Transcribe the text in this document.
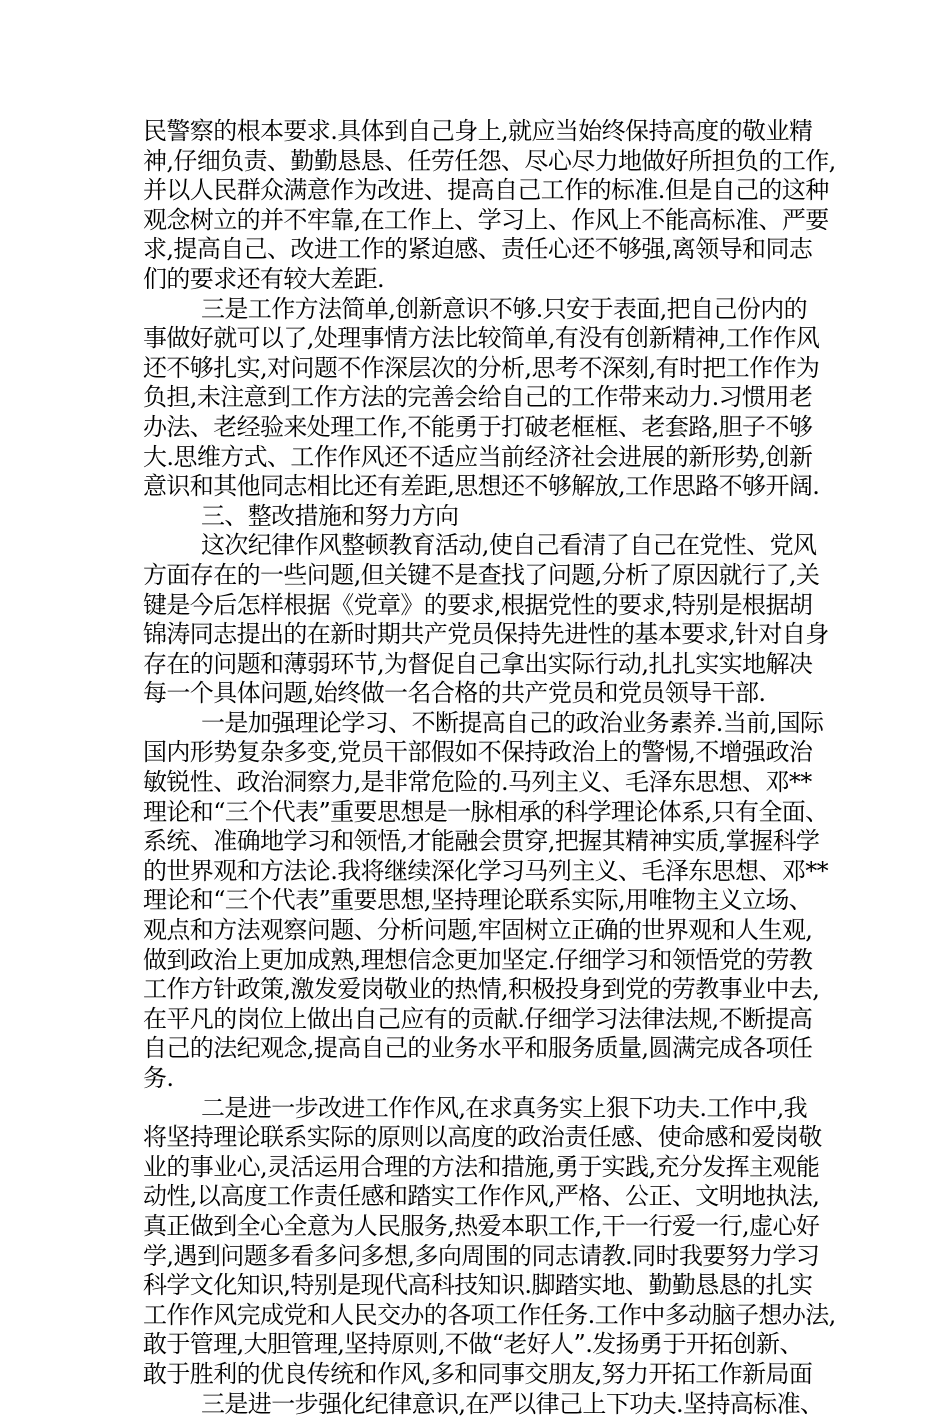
民警察的根本要求.具体到自己身上,就应当始终保持高度的敬业精
神,仔细负责、勤勤恳恳、任劳任怨、尽心尽力地做好所担负的工作,
并以人民群众满意作为改进、提高自己工作的标准.但是自己的这种
观念树立的并不牢靠,在工作上、学习上、作风上不能高标准、严要
求,提高自己、改进工作的紧迫感、责任心还不够强,离领导和同志
们的要求还有较大差距.
三是工作方法简单,创新意识不够.只安于表面,把自己份内的
事做好就可以了,处理事情方法比较简单,有没有创新精神,工作作风
还不够扎实,对问题不作深层次的分析,思考不深刻,有时把工作作为
负担,未注意到工作方法的完善会给自己的工作带来动力.习惯用老
办法、老经验来处理工作,不能勇于打破老框框、老套路,胆子不够
大.思维方式、工作作风还不适应当前经济社会进展的新形势,创新
意识和其他同志相比还有差距,思想还不够解放,工作思路不够开阔.
三、整改措施和努力方向
这次纪律作风整顿教育活动,使自己看清了自己在党性、党风
方面存在的一些问题,但关键不是查找了问题,分析了原因就行了,关
键是今后怎样根据《党章》的要求,根据党性的要求,特别是根据胡
锦涛同志提出的在新时期共产党员保持先进性的基本要求,针对自身
存在的问题和薄弱环节,为督促自己拿出实际行动,扎扎实实地解决
每一个具体问题,始终做一名合格的共产党员和党员领导干部.
一是加强理论学习、不断提高自己的政治业务素养.当前,国际
国内形势复杂多变,党员干部假如不保持政治上的警惕,不增强政治
敏锐性、政治洞察力,是非常危险的.马列主义、毛泽东思想、邓**
理论和“三个代表”重要思想是一脉相承的科学理论体系,只有全面、
系统、准确地学习和领悟,才能融会贯穿,把握其精神实质,掌握科学
的世界观和方法论.我将继续深化学习马列主义、毛泽东思想、邓**
理论和“三个代表”重要思想,坚持理论联系实际,用唯物主义立场、
观点和方法观察问题、分析问题,牢固树立正确的世界观和人生观,
做到政治上更加成熟,理想信念更加坚定.仔细学习和领悟党的劳教
工作方针政策,激发爱岗敬业的热情,积极投身到党的劳教事业中去,
在平凡的岗位上做出自己应有的贡献.仔细学习法律法规,不断提高
自己的法纪观念,提高自己的业务水平和服务质量,圆满完成各项任
务.
二是进一步改进工作作风,在求真务实上狠下功夫.工作中,我
将坚持理论联系实际的原则以高度的政治责任感、使命感和爱岗敬
业的事业心,灵活运用合理的方法和措施,勇于实践,充分发挥主观能
动性,以高度工作责任感和踏实工作作风,严格、公正、文明地执法,
真正做到全心全意为人民服务,热爱本职工作,干一行爱一行,虚心好
学,遇到问题多看多问多想,多向周围的同志请教.同时我要努力学习
科学文化知识,特别是现代高科技知识.脚踏实地、勤勤恳恳的扎实
工作作风完成党和人民交办的各项工作任务.工作中多动脑子想办法,
敢于管理,大胆管理,坚持原则,不做“老好人”.发扬勇于开拓创新、
敢于胜利的优良传统和作风,多和同事交朋友,努力开拓工作新局面
三是进一步强化纪律意识,在严以律己上下功夫.坚持高标准、
